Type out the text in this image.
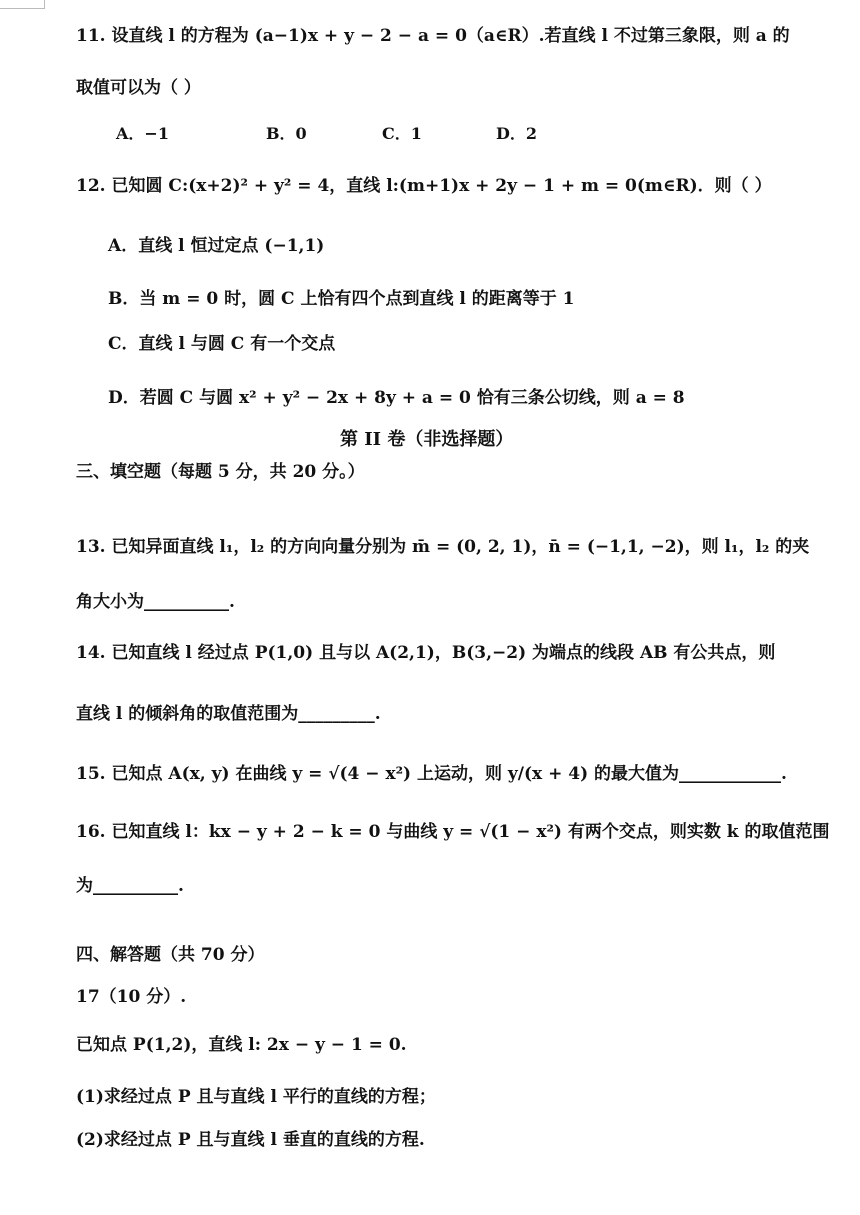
11. 设直线 l 的方程为 (a−1)x + y − 2 − a = 0（a∈R）.若直线 l 不过第三象限，则 a 的
取值可以为（ ）
A．−1	B．0	C．1	D．2
12. 已知圆 C:(x+2)² + y² = 4，直线 l:(m+1)x + 2y − 1 + m = 0(m∈R)．则（ ）
A．直线 l 恒过定点 (−1,1)
B．当 m = 0 时，圆 C 上恰有四个点到直线 l 的距离等于 1
C．直线 l 与圆 C 有一个交点
D．若圆 C 与圆 x² + y² − 2x + 8y + a = 0 恰有三条公切线，则 a = 8
第 II 卷（非选择题）
三、填空题（每题 5 分，共 20 分。）
13. 已知异面直线 l₁，l₂ 的方向向量分别为 m̄ = (0, 2, 1)，n̄ = (−1,1, −2)，则 l₁，l₂ 的夹
角大小为__________.
14. 已知直线 l 经过点 P(1,0) 且与以 A(2,1)，B(3,−2) 为端点的线段 AB 有公共点，则
直线 l 的倾斜角的取值范围为_________.
15. 已知点 A(x, y) 在曲线 y = √(4 − x²) 上运动，则 y/(x + 4) 的最大值为____________.
16. 已知直线 l：kx − y + 2 − k = 0 与曲线 y = √(1 − x²) 有两个交点，则实数 k 的取值范围
为__________.
四、解答题（共 70 分）
17（10 分）.
已知点 P(1,2)，直线 l: 2x − y − 1 = 0.
(1)求经过点 P 且与直线 l 平行的直线的方程；
(2)求经过点 P 且与直线 l 垂直的直线的方程.
